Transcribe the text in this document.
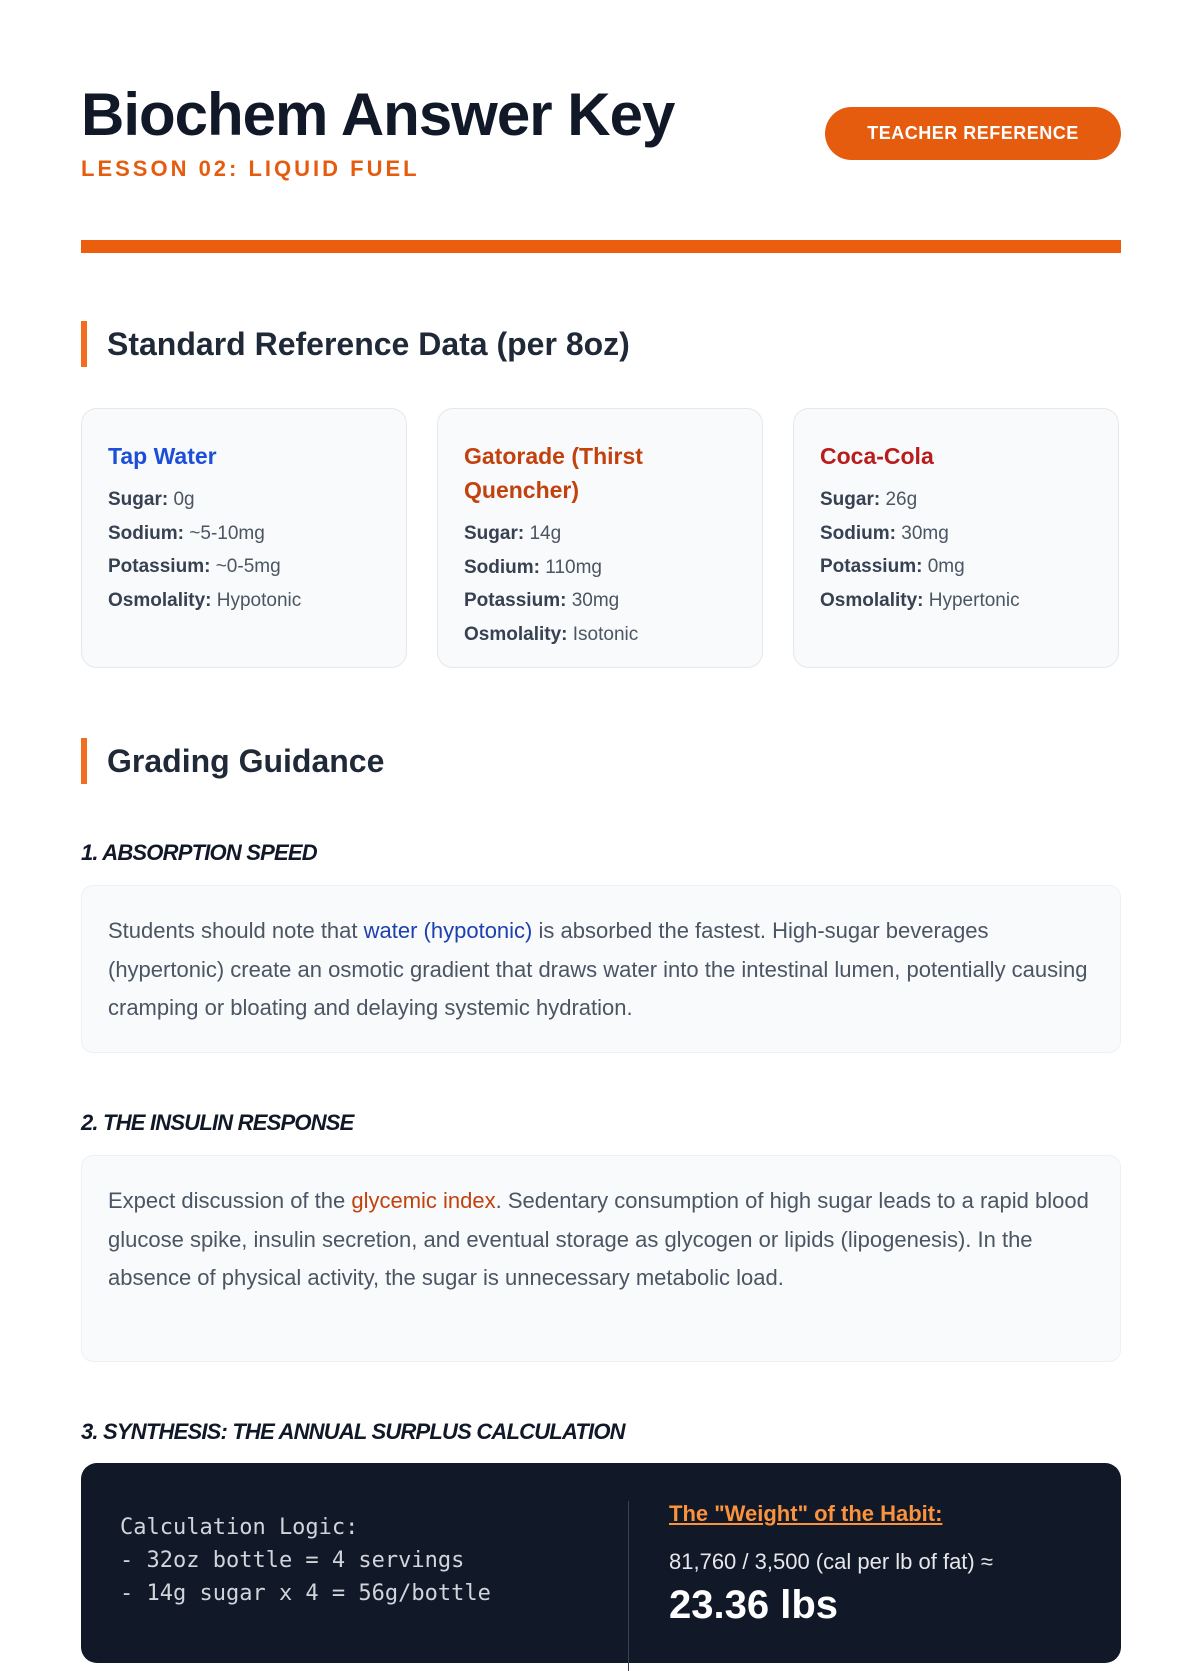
Biochem Answer Key
LESSON 02: LIQUID FUEL
TEACHER REFERENCE
Standard Reference Data (per 8oz)
Tap Water
Sugar: 0g
Sodium: ~5-10mg
Potassium: ~0-5mg
Osmolality: Hypotonic
Gatorade (Thirst Quencher)
Sugar: 14g
Sodium: 110mg
Potassium: 30mg
Osmolality: Isotonic
Coca-Cola
Sugar: 26g
Sodium: 30mg
Potassium: 0mg
Osmolality: Hypertonic
Grading Guidance
1. ABSORPTION SPEED
Students should note that water (hypotonic) is absorbed the fastest. High-sugar beverages (hypertonic) create an osmotic gradient that draws water into the intestinal lumen, potentially causing cramping or bloating and delaying systemic hydration.
2. THE INSULIN RESPONSE
Expect discussion of the glycemic index. Sedentary consumption of high sugar leads to a rapid blood glucose spike, insulin secretion, and eventual storage as glycogen or lipids (lipogenesis). In the absence of physical activity, the sugar is unnecessary metabolic load.
3. SYNTHESIS: THE ANNUAL SURPLUS CALCULATION
Calculation Logic:
- 32oz bottle = 4 servings
- 14g sugar x 4 = 56g/bottle
The "Weight" of the Habit:
81,760 / 3,500 (cal per lb of fat) ≈
23.36 lbs
